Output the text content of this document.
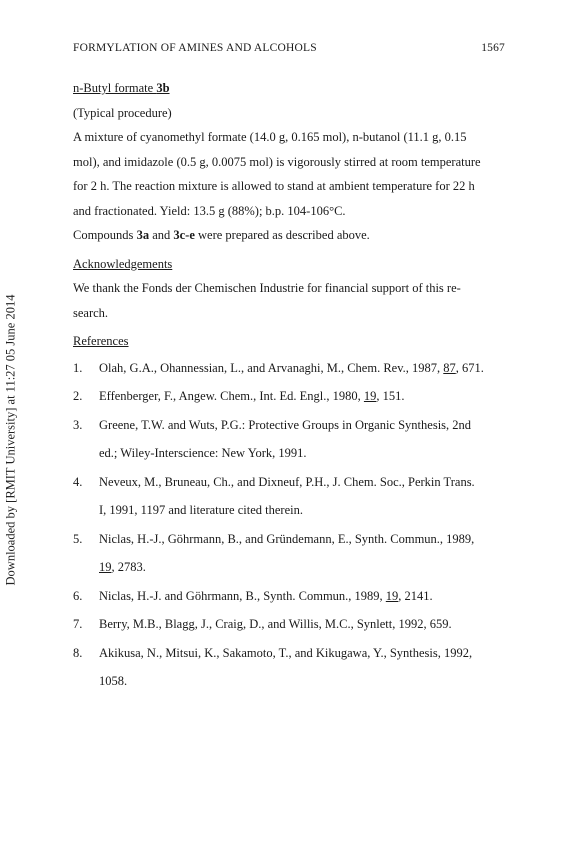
Downloaded by [RMIT University] at 11:27 05 June 2014
FORMYLATION OF AMINES AND ALCOHOLS	1567

n-Butyl formate 3b

(Typical procedure)

A mixture of cyanomethyl formate (14.0 g, 0.165 mol), n-butanol (11.1 g, 0.15

mol), and imidazole (0.5 g, 0.0075 mol) is vigorously stirred at room temperature

for 2 h. The reaction mixture is allowed to stand at ambient temperature for 22 h

and fractionated. Yield: 13.5 g (88%); b.p. 104-106°C.

Compounds 3a and 3c-e were prepared as described above.

Acknowledgements

We thank the Fonds der Chemischen Industrie for financial support of this re-

search.

References

1.	Olah, G.A., Ohannessian, L., and Arvanaghi, M., Chem. Rev., 1987, 87, 671.
2.	Effenberger, F., Angew. Chem., Int. Ed. Engl., 1980, 19, 151.
3.	Greene, T.W. and Wuts, P.G.: Protective Groups in Organic Synthesis, 2nd
ed.; Wiley-Interscience: New York, 1991.
4.	Neveux, M., Bruneau, Ch., and Dixneuf, P.H., J. Chem. Soc., Perkin Trans.
I, 1991, 1197 and literature cited therein.
5.	Niclas, H.-J., Göhrmann, B., and Gründemann, E., Synth. Commun., 1989,
19, 2783.
6.	Niclas, H.-J. and Göhrmann, B., Synth. Commun., 1989, 19, 2141.
7.	Berry, M.B., Blagg, J., Craig, D., and Willis, M.C., Synlett, 1992, 659.
8.	Akikusa, N., Mitsui, K., Sakamoto, T., and Kikugawa, Y., Synthesis, 1992,
1058.
